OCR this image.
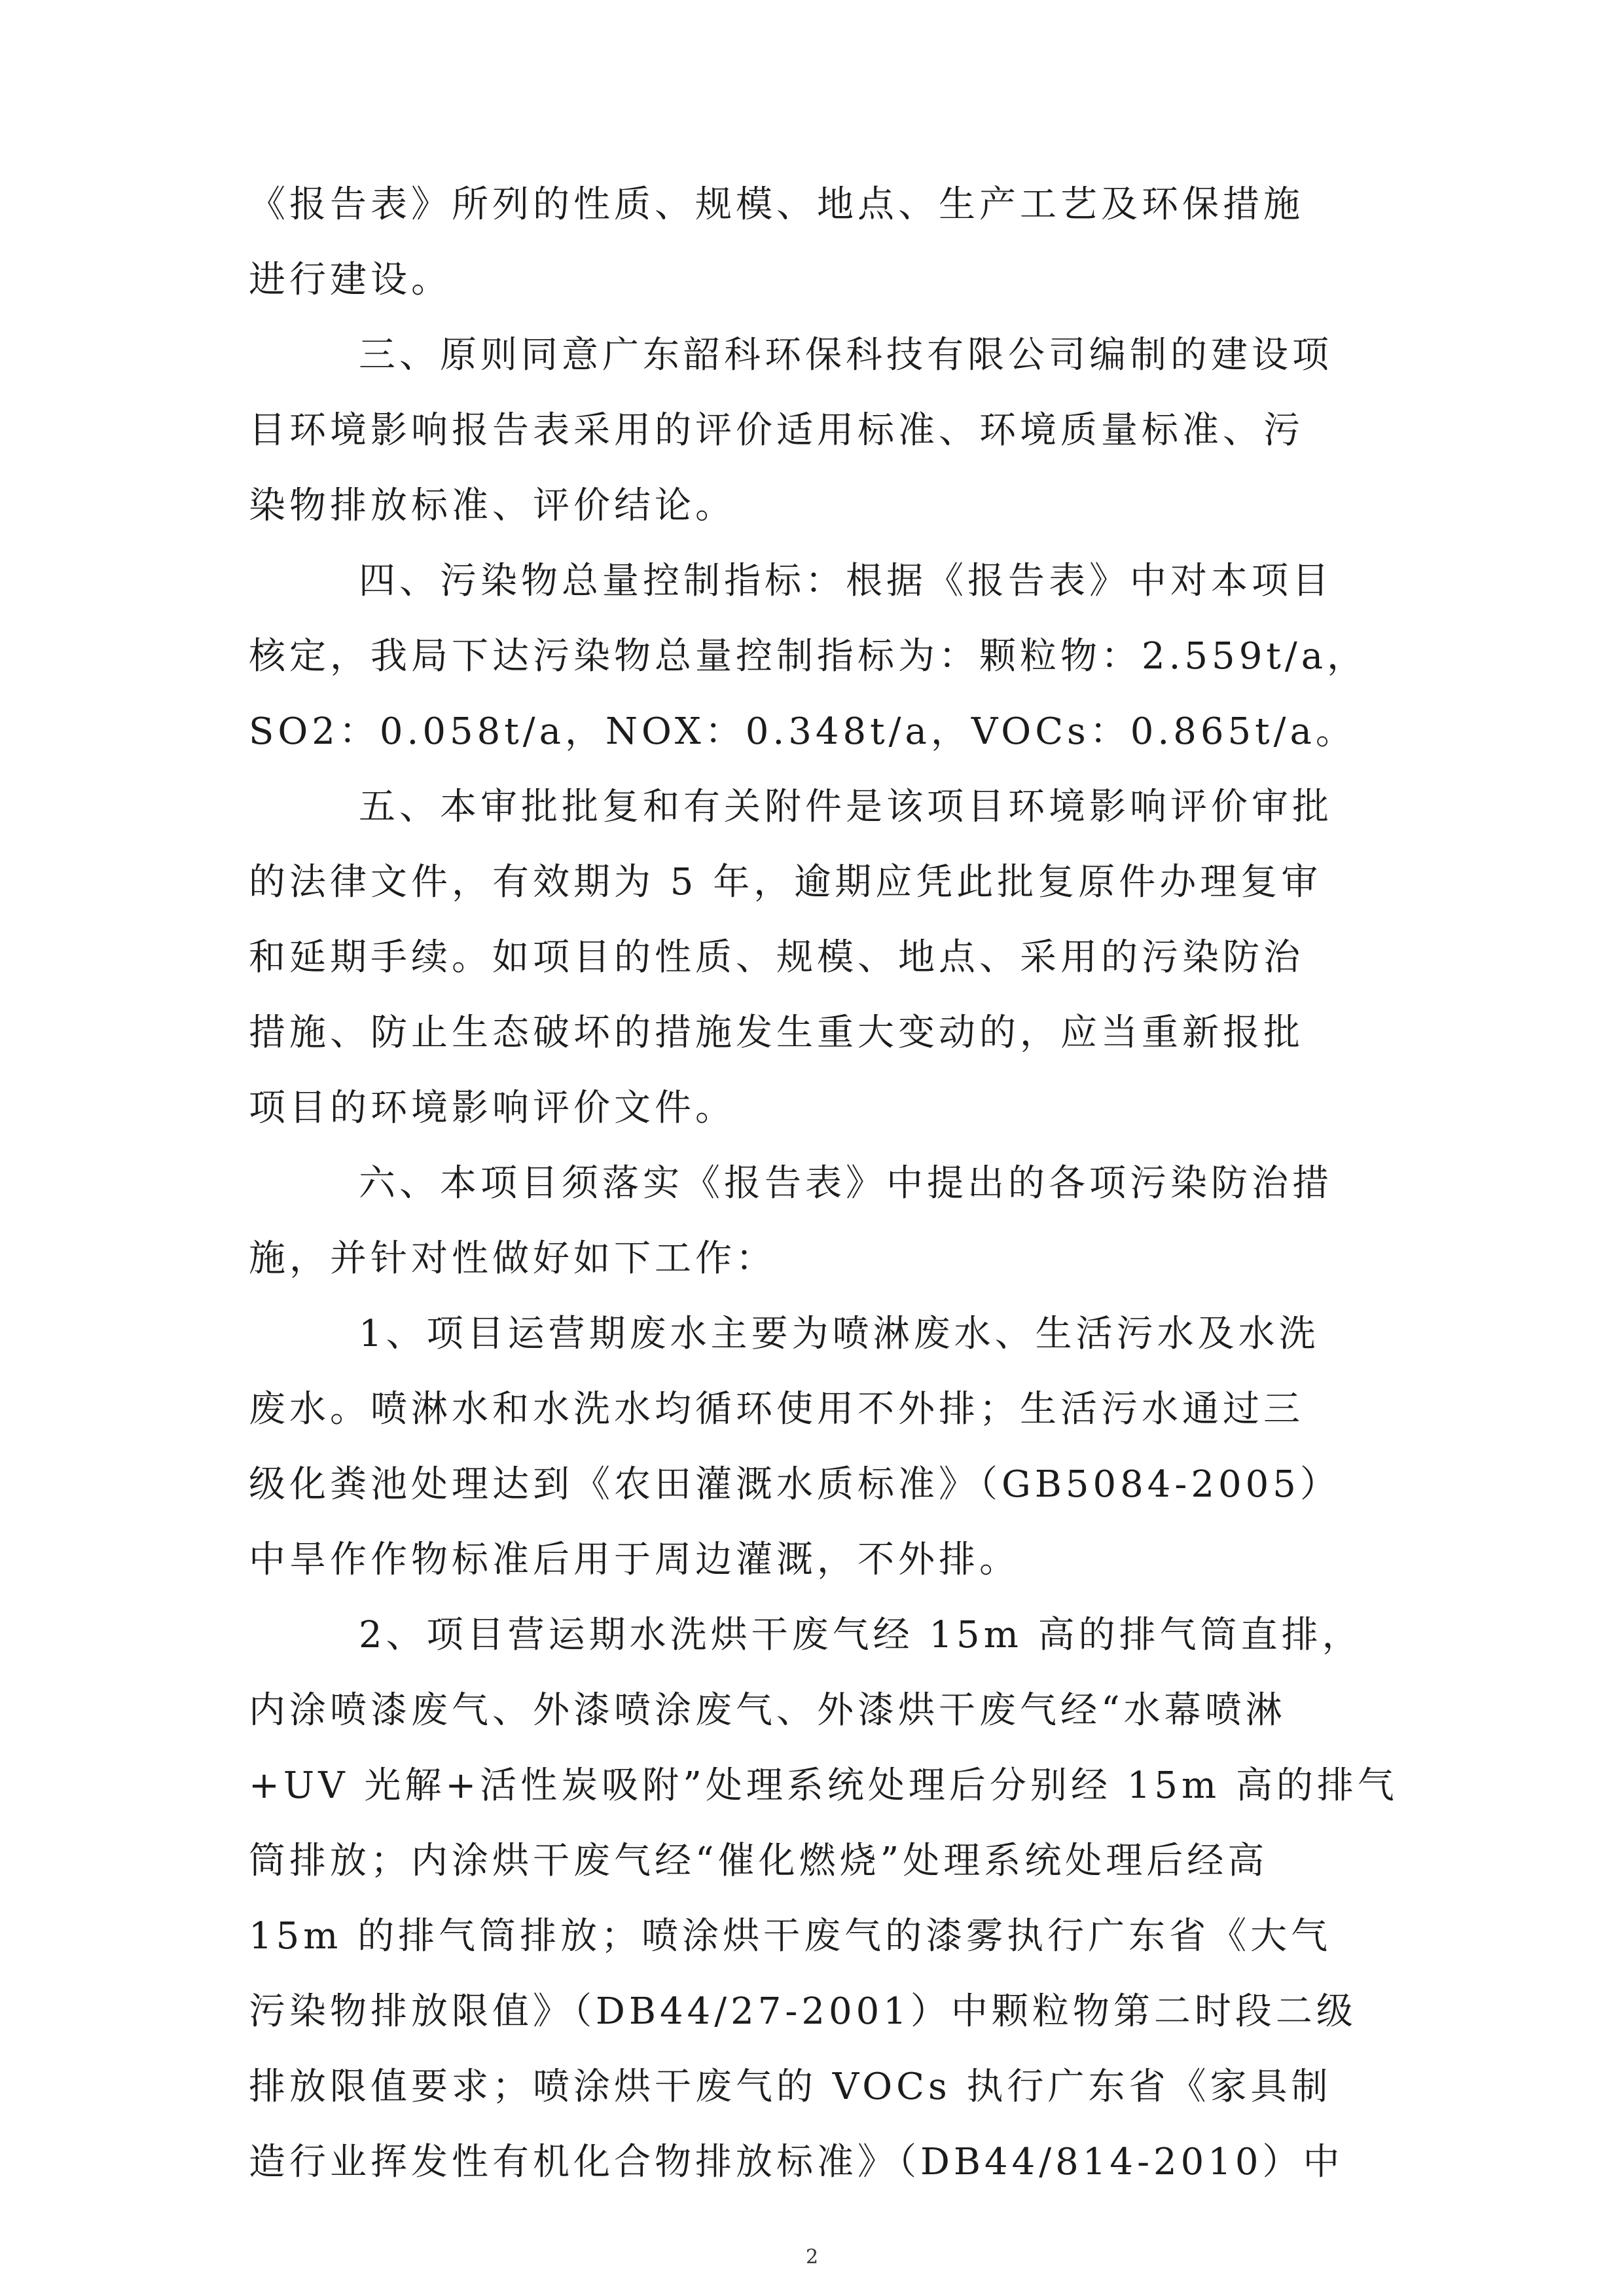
《报告表》所列的性质、规模、地点、生产工艺及环保措施
进行建设。
三、原则同意广东韶科环保科技有限公司编制的建设项
目环境影响报告表采用的评价适用标准、环境质量标准、污
染物排放标准、评价结论。
四、污染物总量控制指标：根据《报告表》中对本项目
核定，我局下达污染物总量控制指标为：颗粒物：2.559t/a，
SO2：0.058t/a，NOX：0.348t/a，VOCs：0.865t/a。
五、本审批批复和有关附件是该项目环境影响评价审批
的法律文件，有效期为 5 年，逾期应凭此批复原件办理复审
和延期手续。如项目的性质、规模、地点、采用的污染防治
措施、防止生态破坏的措施发生重大变动的，应当重新报批
项目的环境影响评价文件。
六、本项目须落实《报告表》中提出的各项污染防治措
施，并针对性做好如下工作：
1、项目运营期废水主要为喷淋废水、生活污水及水洗
废水。喷淋水和水洗水均循环使用不外排；生活污水通过三
级化粪池处理达到《农田灌溉水质标准》（GB5084-2005）
中旱作作物标准后用于周边灌溉，不外排。
2、项目营运期水洗烘干废气经 15m 高的排气筒直排，
内涂喷漆废气、外漆喷涂废气、外漆烘干废气经“水幕喷淋
+UV 光解+活性炭吸附”处理系统处理后分别经 15m 高的排气
筒排放；内涂烘干废气经“催化燃烧”处理系统处理后经高
15m 的排气筒排放；喷涂烘干废气的漆雾执行广东省《大气
污染物排放限值》（DB44/27-2001）中颗粒物第二时段二级
排放限值要求；喷涂烘干废气的 VOCs 执行广东省《家具制
造行业挥发性有机化合物排放标准》（DB44/814-2010）中
2
